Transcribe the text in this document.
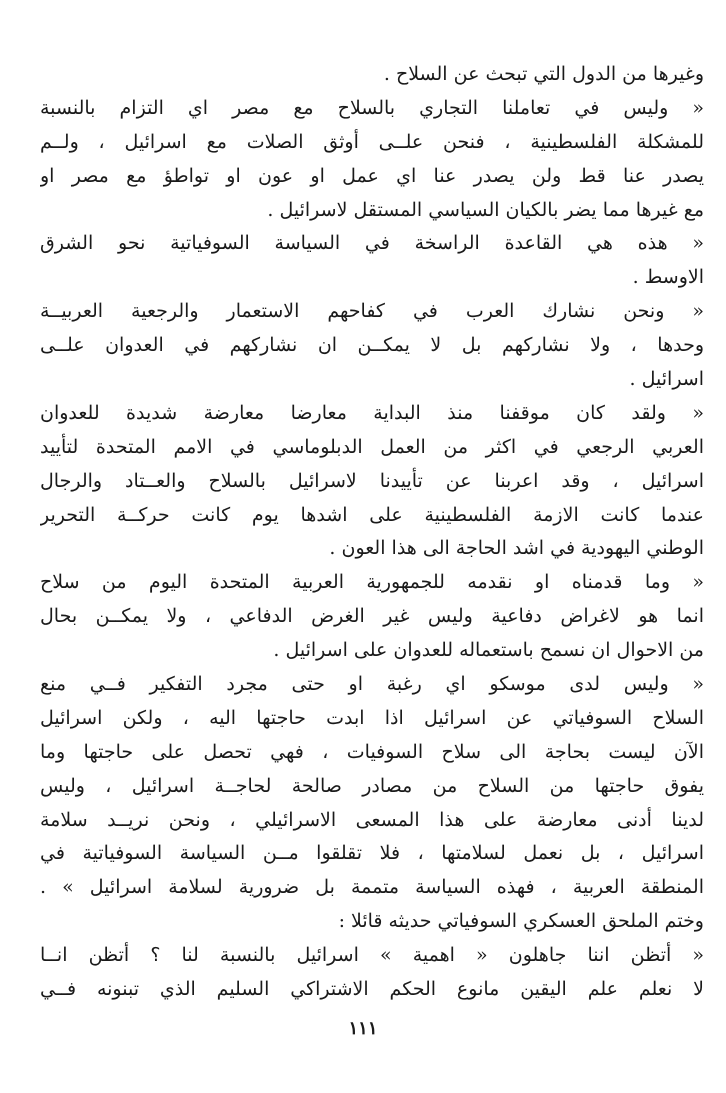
وغيرها من الدول التي تبحث عن السلاح .
« وليس في تعاملنا التجاري بالسلاح مع مصر اي التزام بالنسبة
للمشكلة الفلسطينية ، فنحن علــى أوثق الصلات مع اسرائيل ، ولــم
يصدر عنا قط ولن يصدر عنا اي عمل او عون او تواطؤ مع مصر او
مع غيرها مما يضر بالكيان السياسي المستقل لاسرائيل .
« هذه هي القاعدة الراسخة في السياسة السوفياتية نحو الشرق
الاوسط .
« ونحن نشارك العرب في كفاحهم الاستعمار والرجعية العربيــة
وحدها ، ولا نشاركهم بل لا يمكــن ان نشاركهم في العدوان علــى
اسرائيل .
« ولقد كان موقفنا منذ البداية معارضا معارضة شديدة للعدوان
العربي الرجعي في اكثر من العمل الدبلوماسي في الامم المتحدة لتأييد
اسرائيل ، وقد اعربنا عن تأييدنا لاسرائيل بالسلاح والعــتاد والرجال
عندما كانت الازمة الفلسطينية على اشدها يوم كانت حركــة التحرير
الوطني اليهودية في اشد الحاجة الى هذا العون .
« وما قدمناه او نقدمه للجمهورية العربية المتحدة اليوم من سلاح
انما هو لاغراض دفاعية وليس غير الغرض الدفاعي ، ولا يمكــن بحال
من الاحوال ان نسمح باستعماله للعدوان على اسرائيل .
« وليس لدى موسكو اي رغبة او حتى مجرد التفكير فــي منع
السلاح السوفياتي عن اسرائيل اذا ابدت حاجتها اليه ، ولكن اسرائيل
الآن ليست بحاجة الى سلاح السوفيات ، فهي تحصل على حاجتها وما
يفوق حاجتها من السلاح من مصادر صالحة لحاجــة اسرائيل ، وليس
لدينا أدنى معارضة على هذا المسعى الاسرائيلي ، ونحن نريــد سلامة
اسرائيل ، بل نعمل لسلامتها ، فلا تقلقوا مــن السياسة السوفياتية في
المنطقة العربية ، فهذه السياسة متممة بل ضرورية لسلامة اسرائيل » .
وختم الملحق العسكري السوفياتي حديثه قائلا :
« أتظن اننا جاهلون « اهمية » اسرائيل بالنسبة لنا ؟ أتظن انــا
لا نعلم علم اليقين مانوع الحكم الاشتراكي السليم الذي تبنونه فــي
١١١
